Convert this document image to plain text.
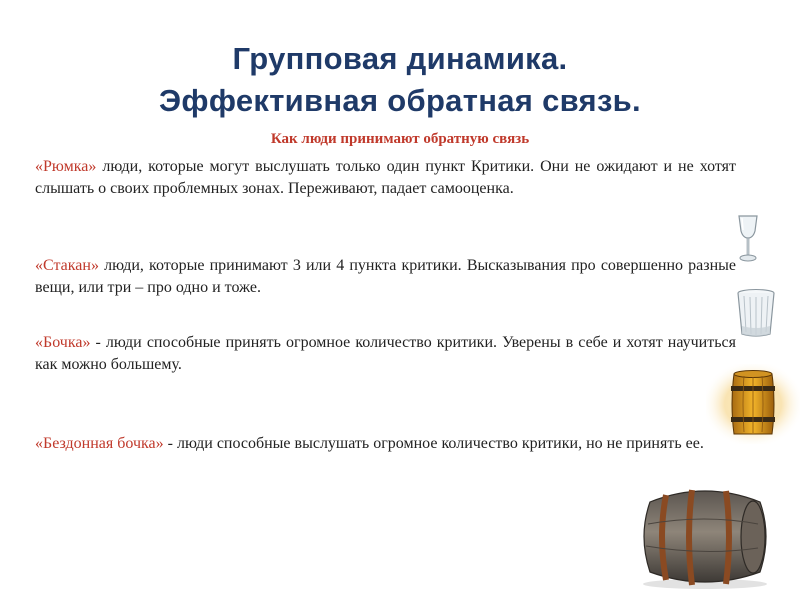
Групповая динамика.
Эффективная обратная связь.
Как люди принимают обратную связь

«Рюмка» люди, которые могут выслушать только один пункт Критики. Они не ожидают и не хотят слышать о своих проблемных зонах. Переживают, падает самооценка.

«Стакан» люди, которые принимают 3 или 4 пункта критики. Высказывания про совершенно разные вещи, или три – про одно и тоже.

«Бочка» - люди способные принять огромное количество критики. Уверены в себе и хотят научиться как можно большему.

«Бездонная бочка» - люди способные выслушать огромное количество критики, но не принять ее.
